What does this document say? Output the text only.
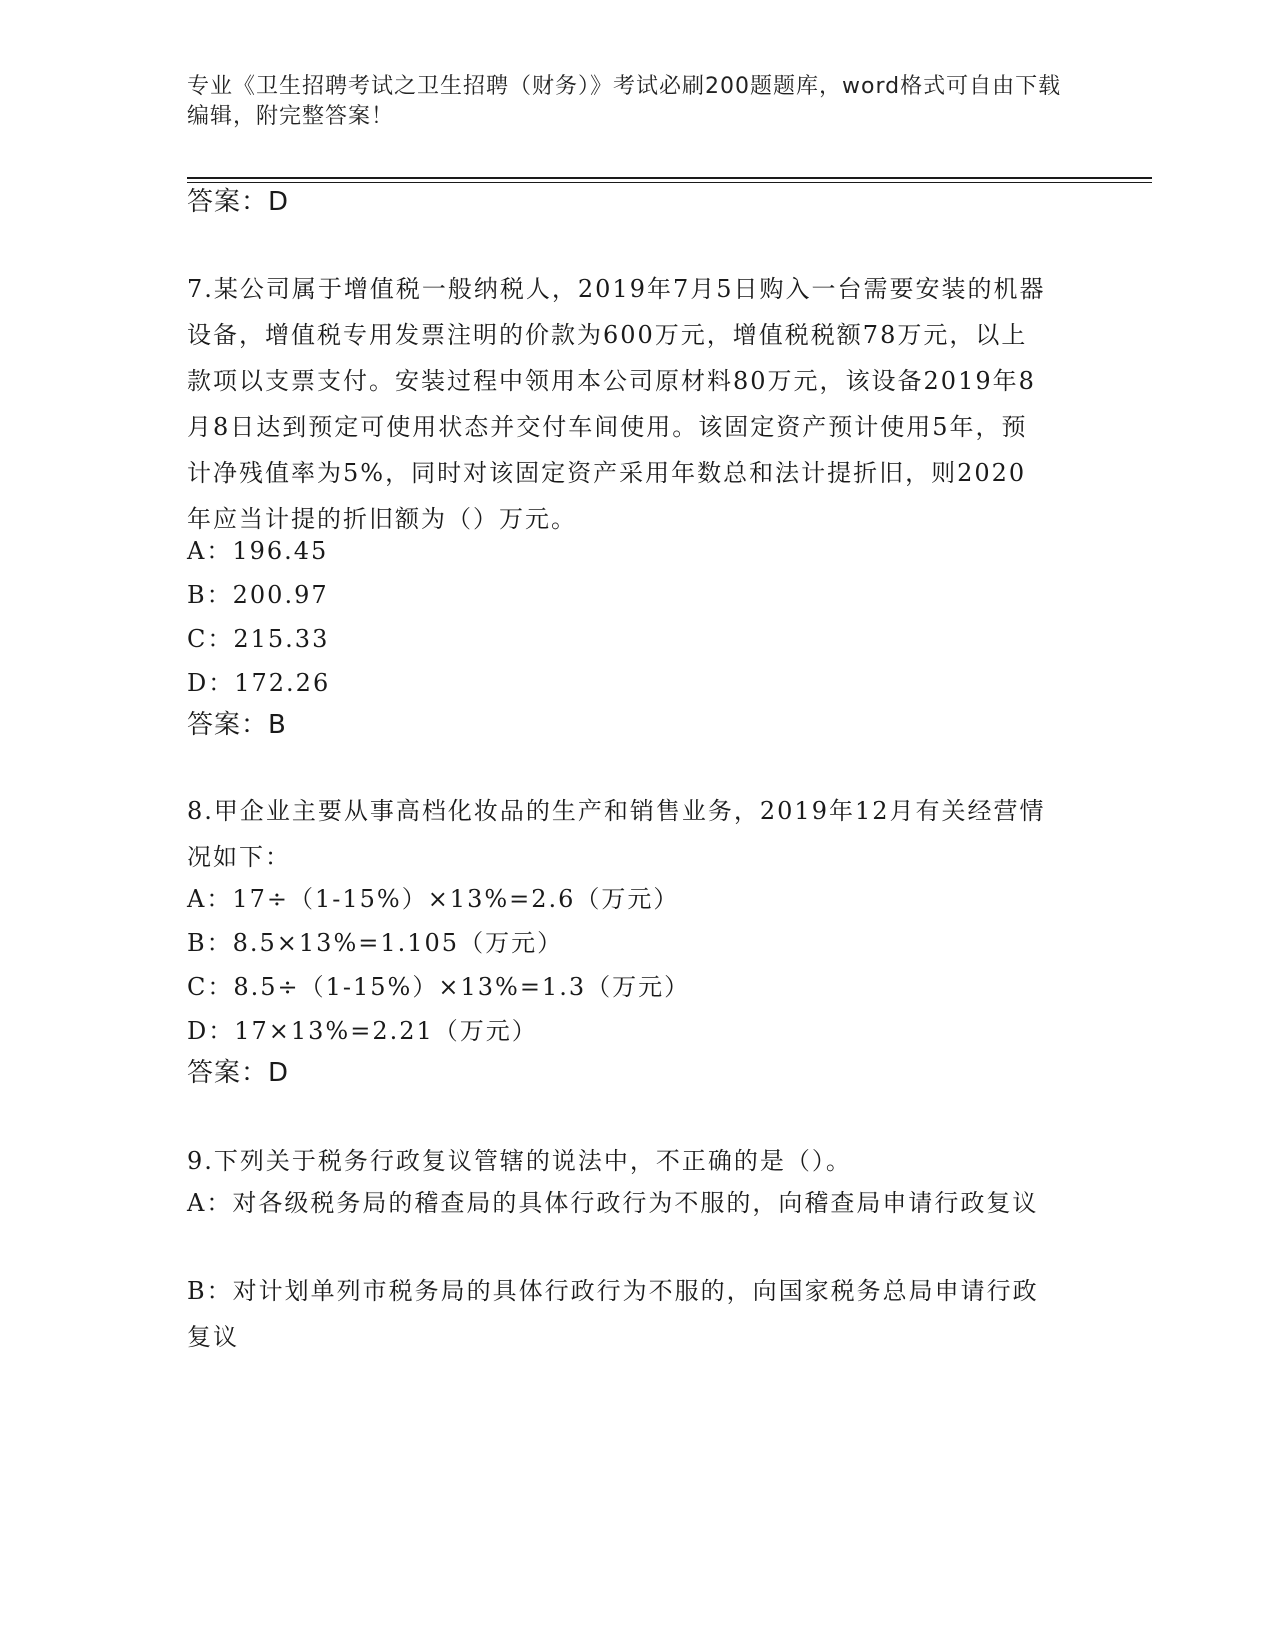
专业《卫生招聘考试之卫生招聘（财务）》考试必刷200题题库，word格式可自由下载编辑，附完整答案！
答案：D
7.某公司属于增值税一般纳税人，2019年7月5日购入一台需要安装的机器设备，增值税专用发票注明的价款为600万元，增值税税额78万元，以上款项以支票支付。安装过程中领用本公司原材料80万元，该设备2019年8月8日达到预定可使用状态并交付车间使用。该固定资产预计使用5年，预计净残值率为5%，同时对该固定资产采用年数总和法计提折旧，则2020年应当计提的折旧额为（）万元。
A：196.45
B：200.97
C：215.33
D：172.26
答案：B
8.甲企业主要从事高档化妆品的生产和销售业务，2019年12月有关经营情况如下：
A：17÷（1-15%）×13%=2.6（万元）
B：8.5×13%=1.105（万元）
C：8.5÷（1-15%）×13%=1.3（万元）
D：17×13%=2.21（万元）
答案：D
9.下列关于税务行政复议管辖的说法中，不正确的是（）。
A：对各级税务局的稽查局的具体行政行为不服的，向稽查局申请行政复议
B：对计划单列市税务局的具体行政行为不服的，向国家税务总局申请行政复议
